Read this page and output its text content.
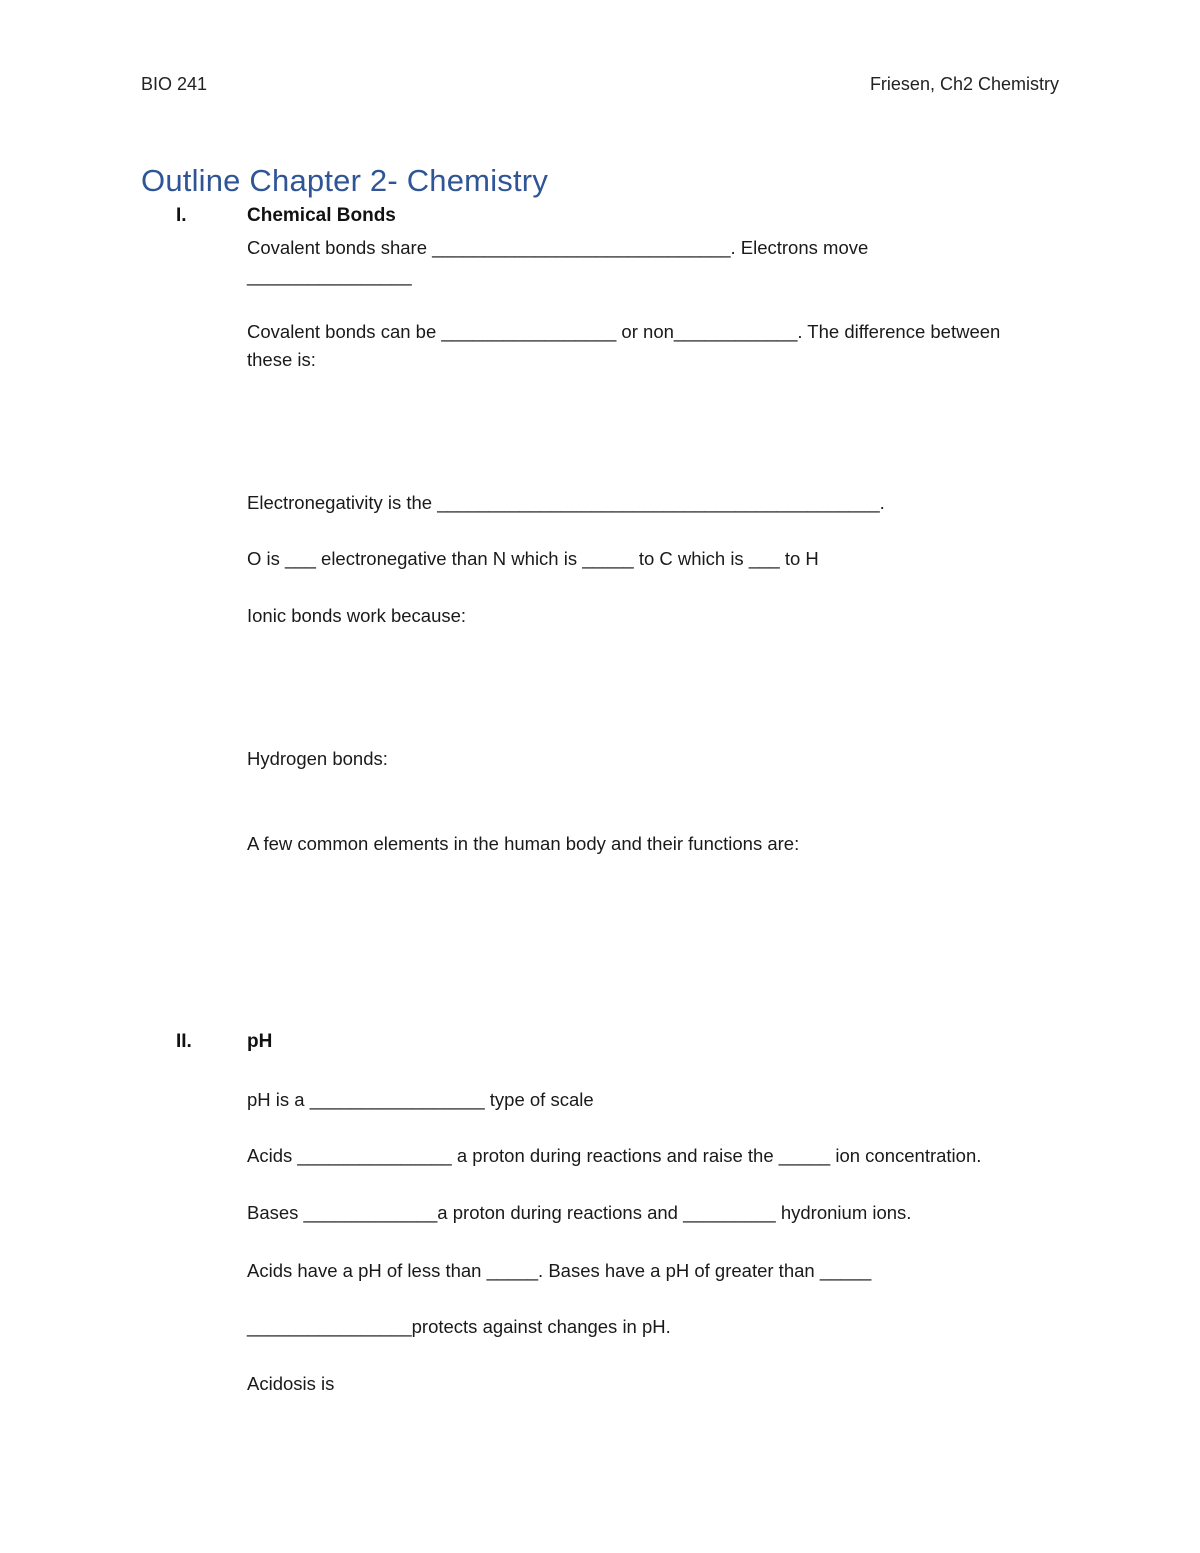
BIO 241	Friesen, Ch2 Chemistry
Outline Chapter 2- Chemistry
I.	Chemical Bonds
Covalent bonds share _____________________________. Electrons move ________________
Covalent bonds can be _________________ or non____________. The difference between these is:
Electronegativity is the ___________________________________________.
O is ___ electronegative than N which is _____ to C which is ___ to H
Ionic bonds work because:
Hydrogen bonds:
A few common elements in the human body and their functions are:
II.	pH
pH is a _________________ type of scale
Acids _______________ a proton during reactions and raise the _____ ion concentration.
Bases _____________a proton during reactions and _________ hydronium ions.
Acids have a pH of less than _____. Bases have a pH of greater than _____
________________protects against changes in pH.
Acidosis is
